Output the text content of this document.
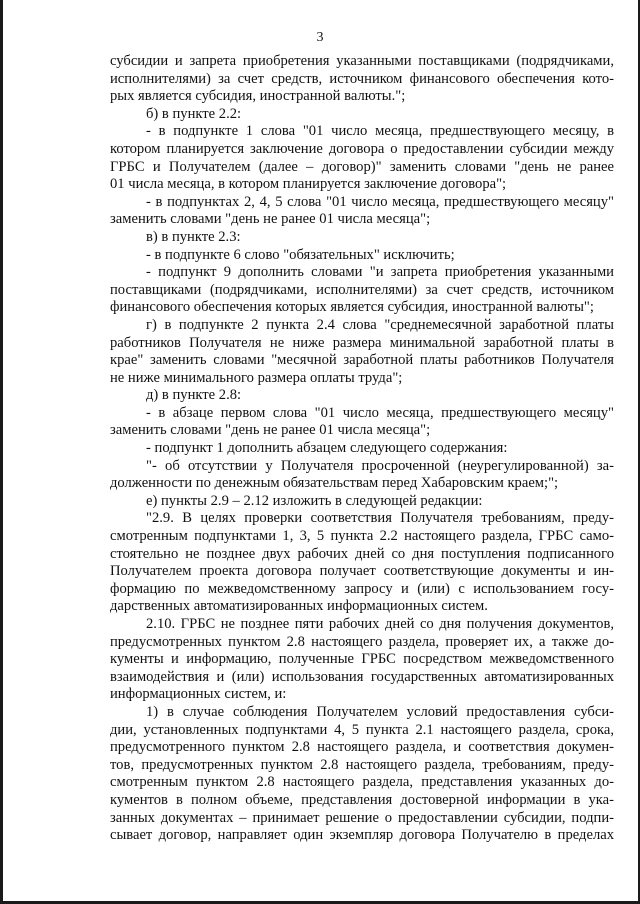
3
субсидии и запрета приобретения указанными поставщиками (подрядчиками,
исполнителями) за счет средств, источником финансового обеспечения кото-
рых является субсидия, иностранной валюты.";
б) в пункте 2.2:
- в подпункте 1 слова "01 число месяца, предшествующего месяцу, в
котором планируется заключение договора о предоставлении субсидии между
ГРБС и Получателем (далее – договор)" заменить словами "день не ранее
01 числа месяца, в котором планируется заключение договора";
- в подпунктах 2, 4, 5 слова "01 число месяца, предшествующего месяцу"
заменить словами "день не ранее 01 числа месяца";
в) в пункте 2.3:
- в подпункте 6 слово "обязательных" исключить;
- подпункт 9 дополнить словами "и запрета приобретения указанными
поставщиками (подрядчиками, исполнителями) за счет средств, источником
финансового обеспечения которых является субсидия, иностранной валюты";
г) в подпункте 2 пункта 2.4 слова "среднемесячной заработной платы
работников Получателя не ниже размера минимальной заработной платы в
крае" заменить словами "месячной заработной платы работников Получателя
не ниже минимального размера оплаты труда";
д) в пункте 2.8:
- в абзаце первом слова "01 число месяца, предшествующего месяцу"
заменить словами "день не ранее 01 числа месяца";
- подпункт 1 дополнить абзацем следующего содержания:
"- об отсутствии у Получателя просроченной (неурегулированной) за-
долженности по денежным обязательствам перед Хабаровским краем;";
е) пункты 2.9 – 2.12 изложить в следующей редакции:
"2.9. В целях проверки соответствия Получателя требованиям, преду-
смотренным подпунктами 1, 3, 5 пункта 2.2 настоящего раздела, ГРБС само-
стоятельно не позднее двух рабочих дней со дня поступления подписанного
Получателем проекта договора получает соответствующие документы и ин-
формацию по межведомственному запросу и (или) с использованием госу-
дарственных автоматизированных информационных систем.
2.10. ГРБС не позднее пяти рабочих дней со дня получения документов,
предусмотренных пунктом 2.8 настоящего раздела, проверяет их, а также до-
кументы и информацию, полученные ГРБС посредством межведомственного
взаимодействия и (или) использования государственных автоматизированных
информационных систем, и:
1) в случае соблюдения Получателем условий предоставления субси-
дии, установленных подпунктами 4, 5 пункта 2.1 настоящего раздела, срока,
предусмотренного пунктом 2.8 настоящего раздела, и соответствия докумен-
тов, предусмотренных пунктом 2.8 настоящего раздела, требованиям, преду-
смотренным пунктом 2.8 настоящего раздела, представления указанных до-
кументов в полном объеме, представления достоверной информации в ука-
занных документах – принимает решение о предоставлении субсидии, подпи-
сывает договор, направляет один экземпляр договора Получателю в пределах
